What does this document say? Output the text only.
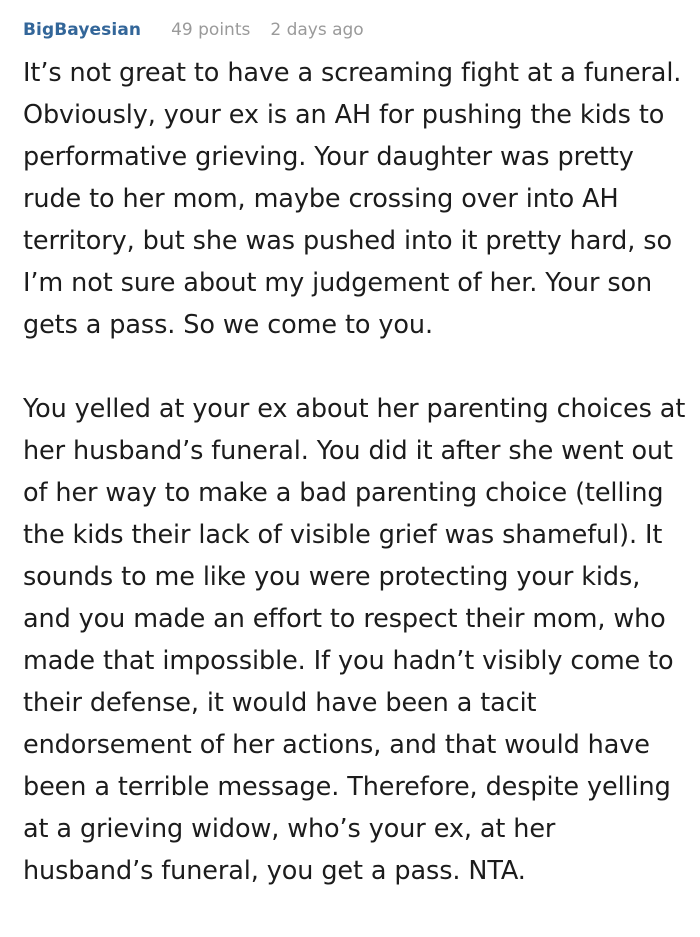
BigBayesian 49 points 2 days ago

It’s not great to have a screaming fight at a funeral. Obviously, your ex is an AH for pushing the kids to performative grieving. Your daughter was pretty rude to her mom, maybe crossing over into AH territory, but she was pushed into it pretty hard, so I’m not sure about my judgement of her. Your son gets a pass. So we come to you.

You yelled at your ex about her parenting choices at her husband’s funeral. You did it after she went out of her way to make a bad parenting choice (telling the kids their lack of visible grief was shameful). It sounds to me like you were protecting your kids, and you made an effort to respect their mom, who made that impossible. If you hadn’t visibly come to their defense, it would have been a tacit endorsement of her actions, and that would have been a terrible message. Therefore, despite yelling at a grieving widow, who’s your ex, at her husband’s funeral, you get a pass. NTA.
